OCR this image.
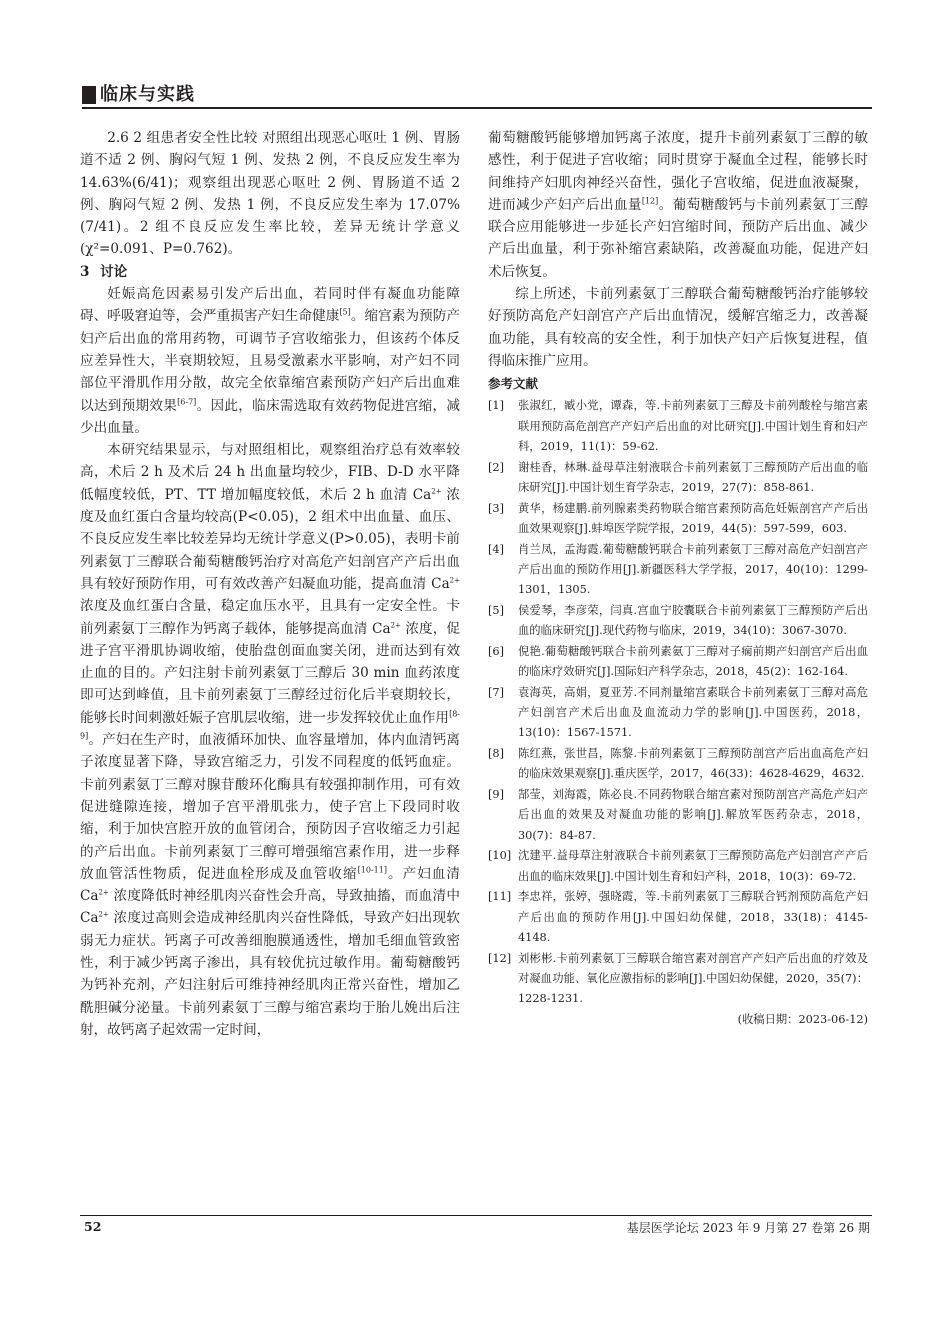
临床与实践

2.6 2 组患者安全性比较 对照组出现恶心呕吐 1 例、胃肠道不适 2 例、胸闷气短 1 例、发热 2 例，不良反应发生率为 14.63%(6/41)；观察组出现恶心呕吐 2 例、胃肠道不适 2 例、胸闷气短 2 例、发热 1 例，不良反应发生率为 17.07%(7/41)。2 组不良反应发生率比较，差异无统计学意义(χ²=0.091、P=0.762)。

3 讨论

妊娠高危因素易引发产后出血，若同时伴有凝血功能障碍、呼吸窘迫等，会严重损害产妇生命健康[5]。缩宫素为预防产妇产后出血的常用药物，可调节子宫收缩张力，但该药个体反应差异性大，半衰期较短，且易受激素水平影响，对产妇不同部位平滑肌作用分散，故完全依靠缩宫素预防产妇产后出血难以达到预期效果[6-7]。因此，临床需选取有效药物促进宫缩，减少出血量。

本研究结果显示，与对照组相比，观察组治疗总有效率较高，术后 2 h 及术后 24 h 出血量均较少，FIB、D-D 水平降低幅度较低，PT、TT 增加幅度较低，术后 2 h 血清 $Ca^{2+}$ 浓度及血红蛋白含量均较高(P<0.05)，2 组术中出血量、血压、不良反应发生率比较差异均无统计学意义(P>0.05)，表明卡前列素氨丁三醇联合葡萄糖酸钙治疗对高危产妇剖宫产产后出血具有较好预防作用，可有效改善产妇凝血功能，提高血清 $Ca^{2+}$ 浓度及血红蛋白含量，稳定血压水平，且具有一定安全性。卡前列素氨丁三醇作为钙离子载体，能够提高血清 $Ca^{2+}$ 浓度，促进子宫平滑肌协调收缩，使胎盘创面血窦关闭，进而达到有效止血的目的。产妇注射卡前列素氨丁三醇后 30 min 血药浓度即可达到峰值，且卡前列素氨丁三醇经过衍化后半衰期较长，能够长时间刺激妊娠子宫肌层收缩，进一步发挥较优止血作用[8-9]。产妇在生产时，血液循环加快、血容量增加，体内血清钙离子浓度显著下降，导致宫缩乏力，引发不同程度的低钙血症。卡前列素氨丁三醇对腺苷酸环化酶具有较强抑制作用，可有效促进缝隙连接，增加子宫平滑肌张力，使子宫上下段同时收缩，利于加快宫腔开放的血管闭合，预防因子宫收缩乏力引起的产后出血。卡前列素氨丁三醇可增强缩宫素作用，进一步释放血管活性物质，促进血栓形成及血管收缩[10-11]。产妇血清 $Ca^{2+}$ 浓度降低时神经肌肉兴奋性会升高，导致抽搐，而血清中 $Ca^{2+}$ 浓度过高则会造成神经肌肉兴奋性降低，导致产妇出现软弱无力症状。钙离子可改善细胞膜通透性，增加毛细血管致密性，利于减少钙离子渗出，具有较优抗过敏作用。葡萄糖酸钙为钙补充剂，产妇注射后可维持神经肌肉正常兴奋性，增加乙酰胆碱分泌量。卡前列素氨丁三醇与缩宫素均于胎儿娩出后注射，故钙离子起效需一定时间，

葡萄糖酸钙能够增加钙离子浓度，提升卡前列素氨丁三醇的敏感性，利于促进子宫收缩；同时贯穿于凝血全过程，能够长时间维持产妇肌肉神经兴奋性，强化子宫收缩，促进血液凝聚，进而减少产妇产后出血量[12]。葡萄糖酸钙与卡前列素氨丁三醇联合应用能够进一步延长产妇宫缩时间，预防产后出血、减少产后出血量，利于弥补缩宫素缺陷，改善凝血功能，促进产妇术后恢复。

综上所述，卡前列素氨丁三醇联合葡萄糖酸钙治疗能够较好预防高危产妇剖宫产产后出血情况，缓解宫缩乏力，改善凝血功能，具有较高的安全性，利于加快产妇产后恢复进程，值得临床推广应用。

参考文献
[1]	张淑红，臧小党，谭森，等.卡前列素氨丁三醇及卡前列酸栓与缩宫素联用预防高危剖宫产产妇产后出血的对比研究[J].中国计划生育和妇产科，2019，11(1)：59-62.
[2]	谢桂香，林琳.益母草注射液联合卡前列素氨丁三醇预防产后出血的临床研究[J].中国计划生育学杂志，2019，27(7)：858-861.
[3]	黄华，杨建鹏.前列腺素类药物联合缩宫素预防高危妊娠剖宫产产后出血效果观察[J].蚌埠医学院学报，2019，44(5)：597-599，603.
[4]	肖兰凤，孟海霞.葡萄糖酸钙联合卡前列素氨丁三醇对高危产妇剖宫产产后出血的预防作用[J].新疆医科大学学报，2017，40(10)：1299-1301，1305.
[5]	侯爱琴，李彦荣，闫真.宫血宁胶囊联合卡前列素氨丁三醇预防产后出血的临床研究[J].现代药物与临床，2019，34(10)：3067-3070.
[6]	倪艳.葡萄糖酸钙联合卡前列素氨丁三醇对子痫前期产妇剖宫产后出血的临床疗效研究[J].国际妇产科学杂志，2018，45(2)：162-164.
[7]	袁海英，高娟，夏亚芳.不同剂量缩宫素联合卡前列素氨丁三醇对高危产妇剖宫产术后出血及血流动力学的影响[J].中国医药，2018，13(10)：1567-1571.
[8]	陈红燕，张世昌，陈黎.卡前列素氨丁三醇预防剖宫产后出血高危产妇的临床效果观察[J].重庆医学，2017，46(33)：4628-4629，4632.
[9]	郜莹，刘海霞，陈必良.不同药物联合缩宫素对预防剖宫产高危产妇产后出血的效果及对凝血功能的影响[J].解放军医药杂志，2018，30(7)：84-87.
[10] 沈建平.益母草注射液联合卡前列素氨丁三醇预防高危产妇剖宫产产后出血的临床效果[J].中国计划生育和妇产科，2018，10(3)：69-72.
[11] 李忠祥，张婷，强晓霞，等.卡前列素氨丁三醇联合钙剂预防高危产妇产后出血的预防作用[J].中国妇幼保健，2018，33(18)：4145-4148.
[12] 刘彬彬.卡前列素氨丁三醇联合缩宫素对剖宫产产妇产后出血的疗效及对凝血功能、氧化应激指标的影响[J].中国妇幼保健，2020，35(7)：1228-1231.
(收稿日期：2023-06-12)
52	基层医学论坛 2023 年 9 月第 27 卷第 26 期
